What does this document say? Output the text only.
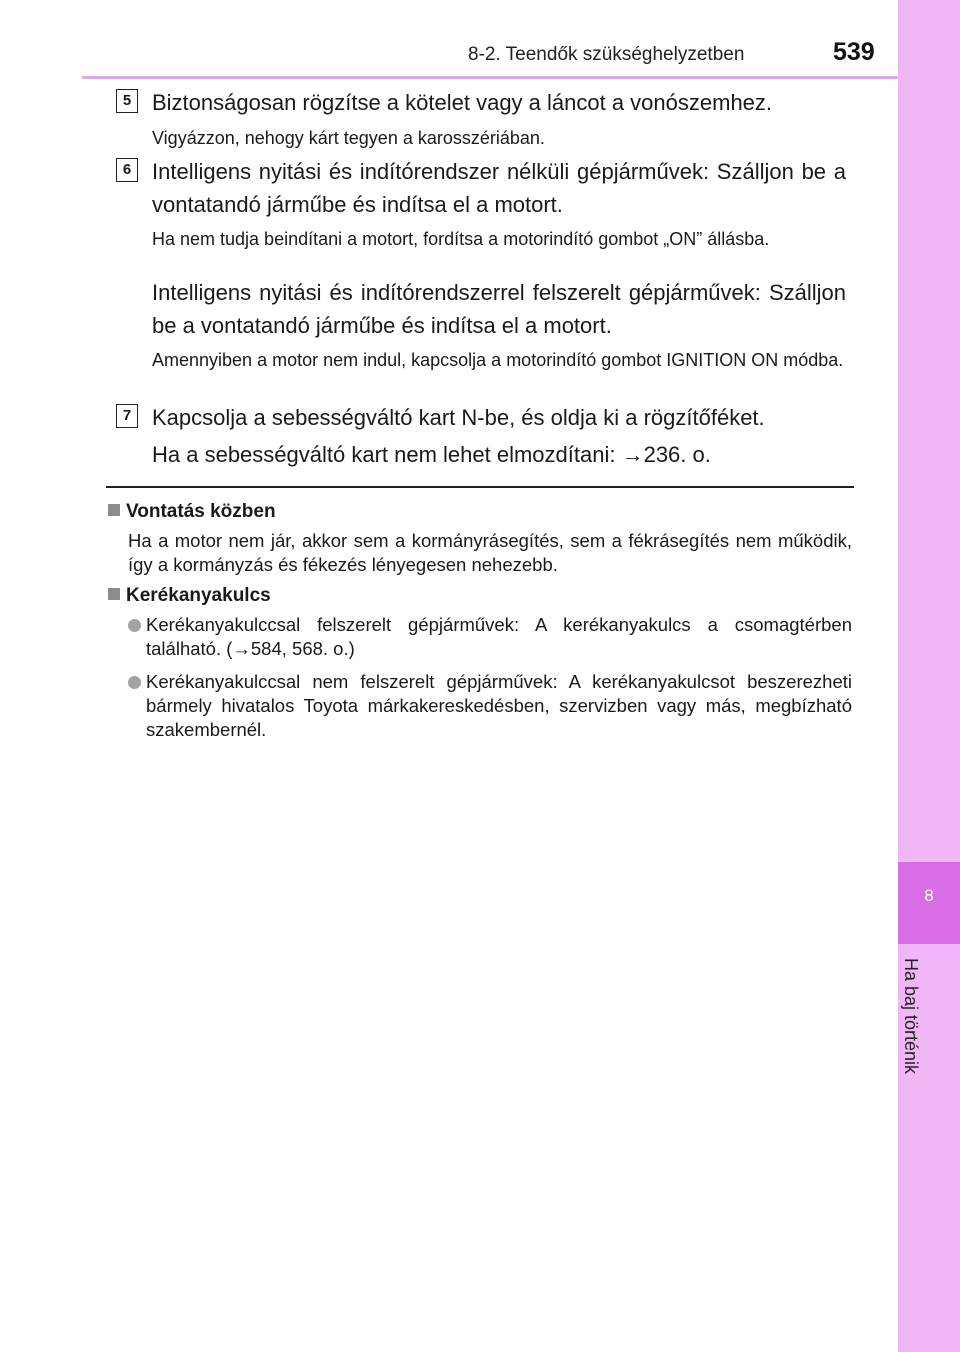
8-2. Teendők szükséghelyzetben	539
8
Ha baj történik
5 Biztonságosan rögzítse a kötelet vagy a láncot a vonószemhez.
Vigyázzon, nehogy kárt tegyen a karosszériában.
6 Intelligens nyitási és indítórendszer nélküli gépjárművek: Szálljon be a vontatandó járműbe és indítsa el a motort.
Ha nem tudja beindítani a motort, fordítsa a motorindító gombot „ON” állásba.
Intelligens nyitási és indítórendszerrel felszerelt gépjárművek: Szálljon be a vontatandó járműbe és indítsa el a motort.
Amennyiben a motor nem indul, kapcsolja a motorindító gombot IGNITION ON módba.
7 Kapcsolja a sebességváltó kart N-be, és oldja ki a rögzítőféket.
Ha a sebességváltó kart nem lehet elmozdítani: →236. o.
Vontatás közben
Ha a motor nem jár, akkor sem a kormányrásegítés, sem a fékrásegítés nem működik, így a kormányzás és fékezés lényegesen nehezebb.
Kerékanyakulcs
Kerékanyakulccsal felszerelt gépjárművek: A kerékanyakulcs a csomagtérben található. (→584, 568. o.)
Kerékanyakulccsal nem felszerelt gépjárművek: A kerékanyakulcsot beszerezheti bármely hivatalos Toyota márkakereskedésben, szervizben vagy más, megbízható szakembernél.
